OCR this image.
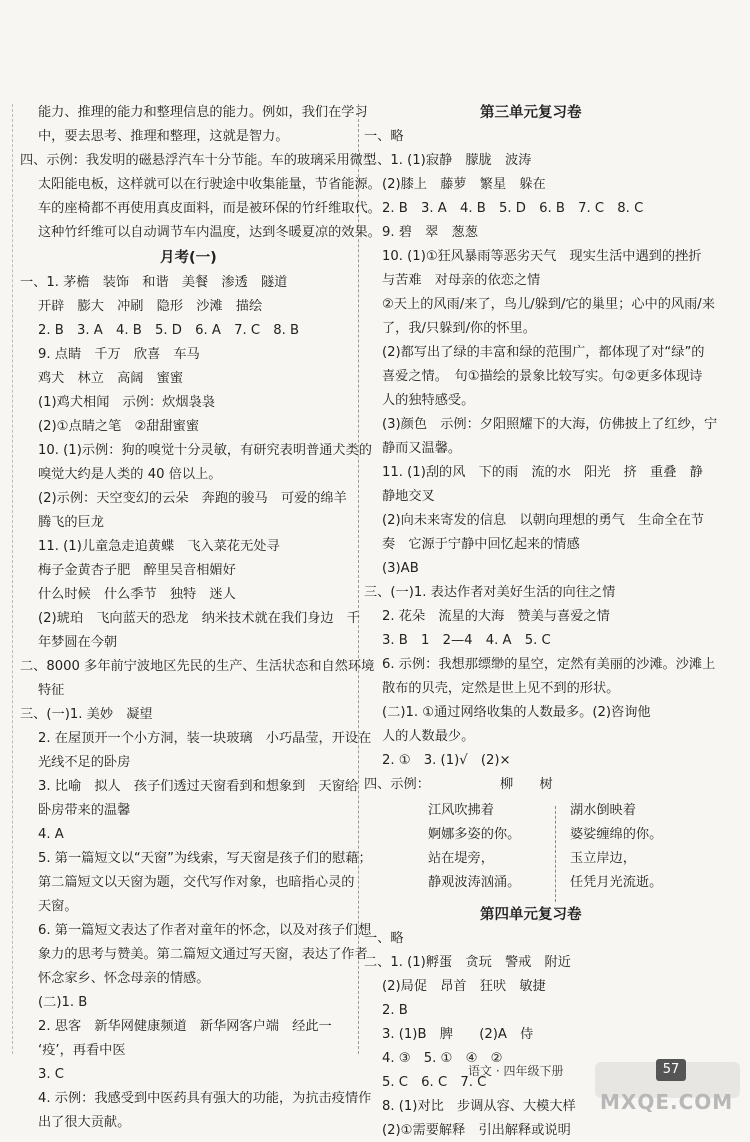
能力、推理的能力和整理信息的能力。例如，我们在学习
中，要去思考、推理和整理，这就是智力。
四、示例：我发明的磁悬浮汽车十分节能。车的玻璃采用微型
太阳能电板，这样就可以在行驶途中收集能量，节省能源。
车的座椅都不再使用真皮面料，而是被环保的竹纤维取代。
这种竹纤维可以自动调节车内温度，达到冬暖夏凉的效果。
月考(一)
一、1. 茅檐　装饰　和谐　美餐　渗透　隧道
开辟　膨大　冲刷　隐形　沙滩　描绘
2. B　3. A　4. B　5. D　6. A　7. C　8. B
9. 点睛　千万　欣喜　车马
鸡犬　林立　高阔　蜜蜜
(1)鸡犬相闻　示例：炊烟袅袅
(2)①点睛之笔　②甜甜蜜蜜
10. (1)示例：狗的嗅觉十分灵敏，有研究表明普通犬类的
嗅觉大约是人类的 40 倍以上。
(2)示例：天空变幻的云朵　奔跑的骏马　可爱的绵羊
腾飞的巨龙
11. (1)儿童急走追黄蝶　飞入菜花无处寻
梅子金黄杏子肥　醉里吴音相媚好
什么时候　什么季节　独特　迷人
(2)琥珀　飞向蓝天的恐龙　纳米技术就在我们身边　千
年梦圆在今朝
二、8000 多年前宁波地区先民的生产、生活状态和自然环境
特征
三、(一)1. 美妙　凝望
2. 在屋顶开一个小方洞，装一块玻璃　小巧晶莹，开设在
光线不足的卧房
3. 比喻　拟人　孩子们透过天窗看到和想象到　天窗给
卧房带来的温馨
4. A
5. 第一篇短文以“天窗”为线索，写天窗是孩子们的慰藉；
第二篇短文以天窗为题，交代写作对象，也暗指心灵的
天窗。
6. 第一篇短文表达了作者对童年的怀念，以及对孩子们想
象力的思考与赞美。第二篇短文通过写天窗，表达了作者
怀念家乡、怀念母亲的情感。
(二)1. B
2. 思客　新华网健康频道　新华网客户端　经此一
‘疫’，再看中医
3. C
4. 示例：我感受到中医药具有强大的功能，为抗击疫情作
出了很大贡献。
第三单元复习卷
一、略
二、1. (1)寂静　朦胧　波涛
(2)膝上　藤萝　繁星　躲在
2. B　3. A　4. B　5. D　6. B　7. C　8. C
9. 碧　翠　葱葱
10. (1)①狂风暴雨等恶劣天气　现实生活中遇到的挫折
与苦难　对母亲的依恋之情
②天上的风雨/来了，鸟儿/躲到/它的巢里；心中的风雨/来
了，我/只躲到/你的怀里。
(2)都写出了绿的丰富和绿的范围广，都体现了对“绿”的
喜爱之情。　句①描绘的景象比较写实。句②更多体现诗
人的独特感受。
(3)颜色　示例：夕阳照耀下的大海，仿佛披上了红纱，宁
静而又温馨。
11. (1)刮的风　下的雨　流的水　阳光　挤　重叠　静
静地交叉
(2)向未来寄发的信息　以朝向理想的勇气　生命全在节
奏　它源于宁静中回忆起来的情感
(3)AB
三、(一)1. 表达作者对美好生活的向往之情
2. 花朵　流星的大海　赞美与喜爱之情
3. B　1　2—4　4. A　5. C
6. 示例：我想那缥缈的星空，定然有美丽的沙滩。沙滩上
散布的贝壳，定然是世上见不到的形状。
(二)1. ①通过网络收集的人数最多。(2)咨询他
人的人数最少。
2. ①　3. (1)√　(2)×
四、示例：	柳　　树
江风吹拂着
婀娜多姿的你。
站在堤旁，
静观波涛汹涌。
湖水倒映着
婆娑缠绵的你。
玉立岸边，
任凭月光流逝。
第四单元复习卷
一、略
二、1. (1)孵蛋　贪玩　警戒　附近
(2)局促　昂首　狂吠　敏捷
2. B
3. (1)B　脾　　(2)A　侍
4. ③　5. ①　④　②
5. C　6. C　7. C
8. (1)对比　步调从容、大模大样
(2)①需要解释　引出解释或说明
语文 · 四年级下册	57
MXQE.COM
